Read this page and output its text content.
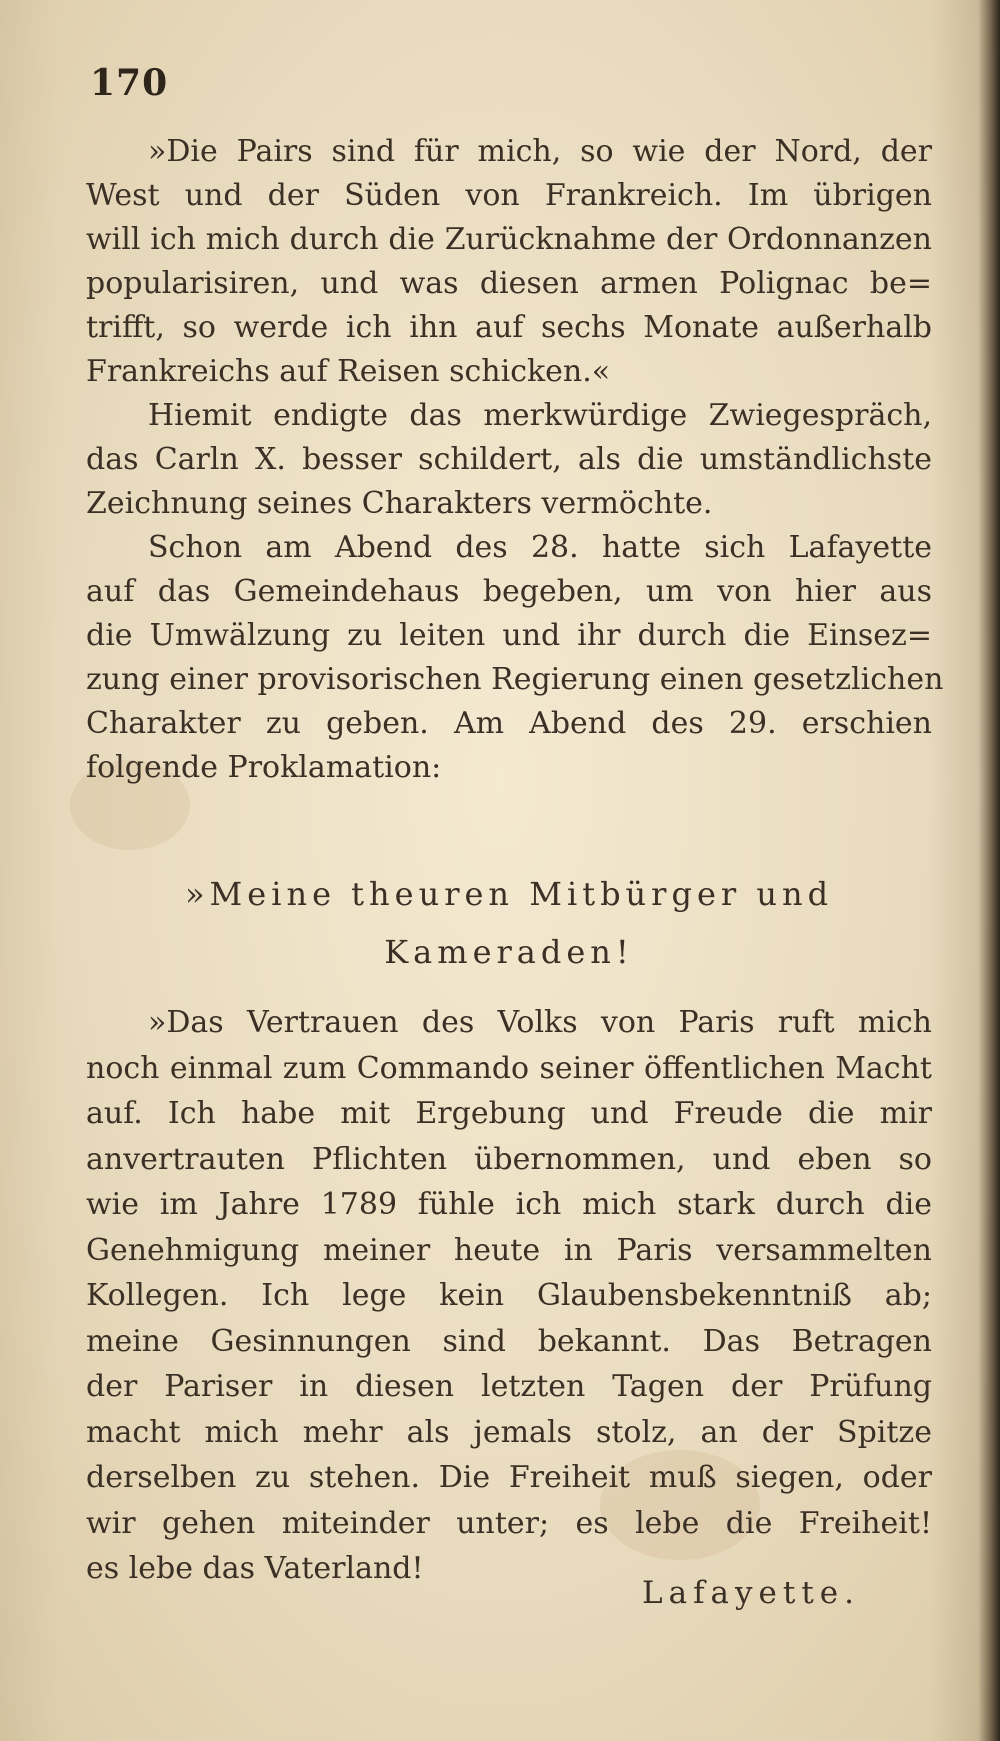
170
»Die Pairs sind für mich, so wie der Nord, der
West und der Süden von Frankreich. Im übrigen
will ich mich durch die Zurücknahme der Ordonnanzen
popularisiren, und was diesen armen Polignac be=
trifft, so werde ich ihn auf sechs Monate außerhalb
Frankreichs auf Reisen schicken.«
Hiemit endigte das merkwürdige Zwiegespräch,
das Carln X. besser schildert, als die umständlichste
Zeichnung seines Charakters vermöchte.
Schon am Abend des 28. hatte sich Lafayette
auf das Gemeindehaus begeben, um von hier aus
die Umwälzung zu leiten und ihr durch die Einsez=
zung einer provisorischen Regierung einen gesetzlichen
Charakter zu geben. Am Abend des 29. erschien
folgende Proklamation:
»Meine theuren Mitbürger und
Kameraden!
»Das Vertrauen des Volks von Paris ruft mich
noch einmal zum Commando seiner öffentlichen Macht
auf. Ich habe mit Ergebung und Freude die mir
anvertrauten Pflichten übernommen, und eben so
wie im Jahre 1789 fühle ich mich stark durch die
Genehmigung meiner heute in Paris versammelten
Kollegen. Ich lege kein Glaubensbekenntniß ab;
meine Gesinnungen sind bekannt. Das Betragen
der Pariser in diesen letzten Tagen der Prüfung
macht mich mehr als jemals stolz, an der Spitze
derselben zu stehen. Die Freiheit muß siegen, oder
wir gehen miteinder unter; es lebe die Freiheit!
es lebe das Vaterland!
Lafayette.
